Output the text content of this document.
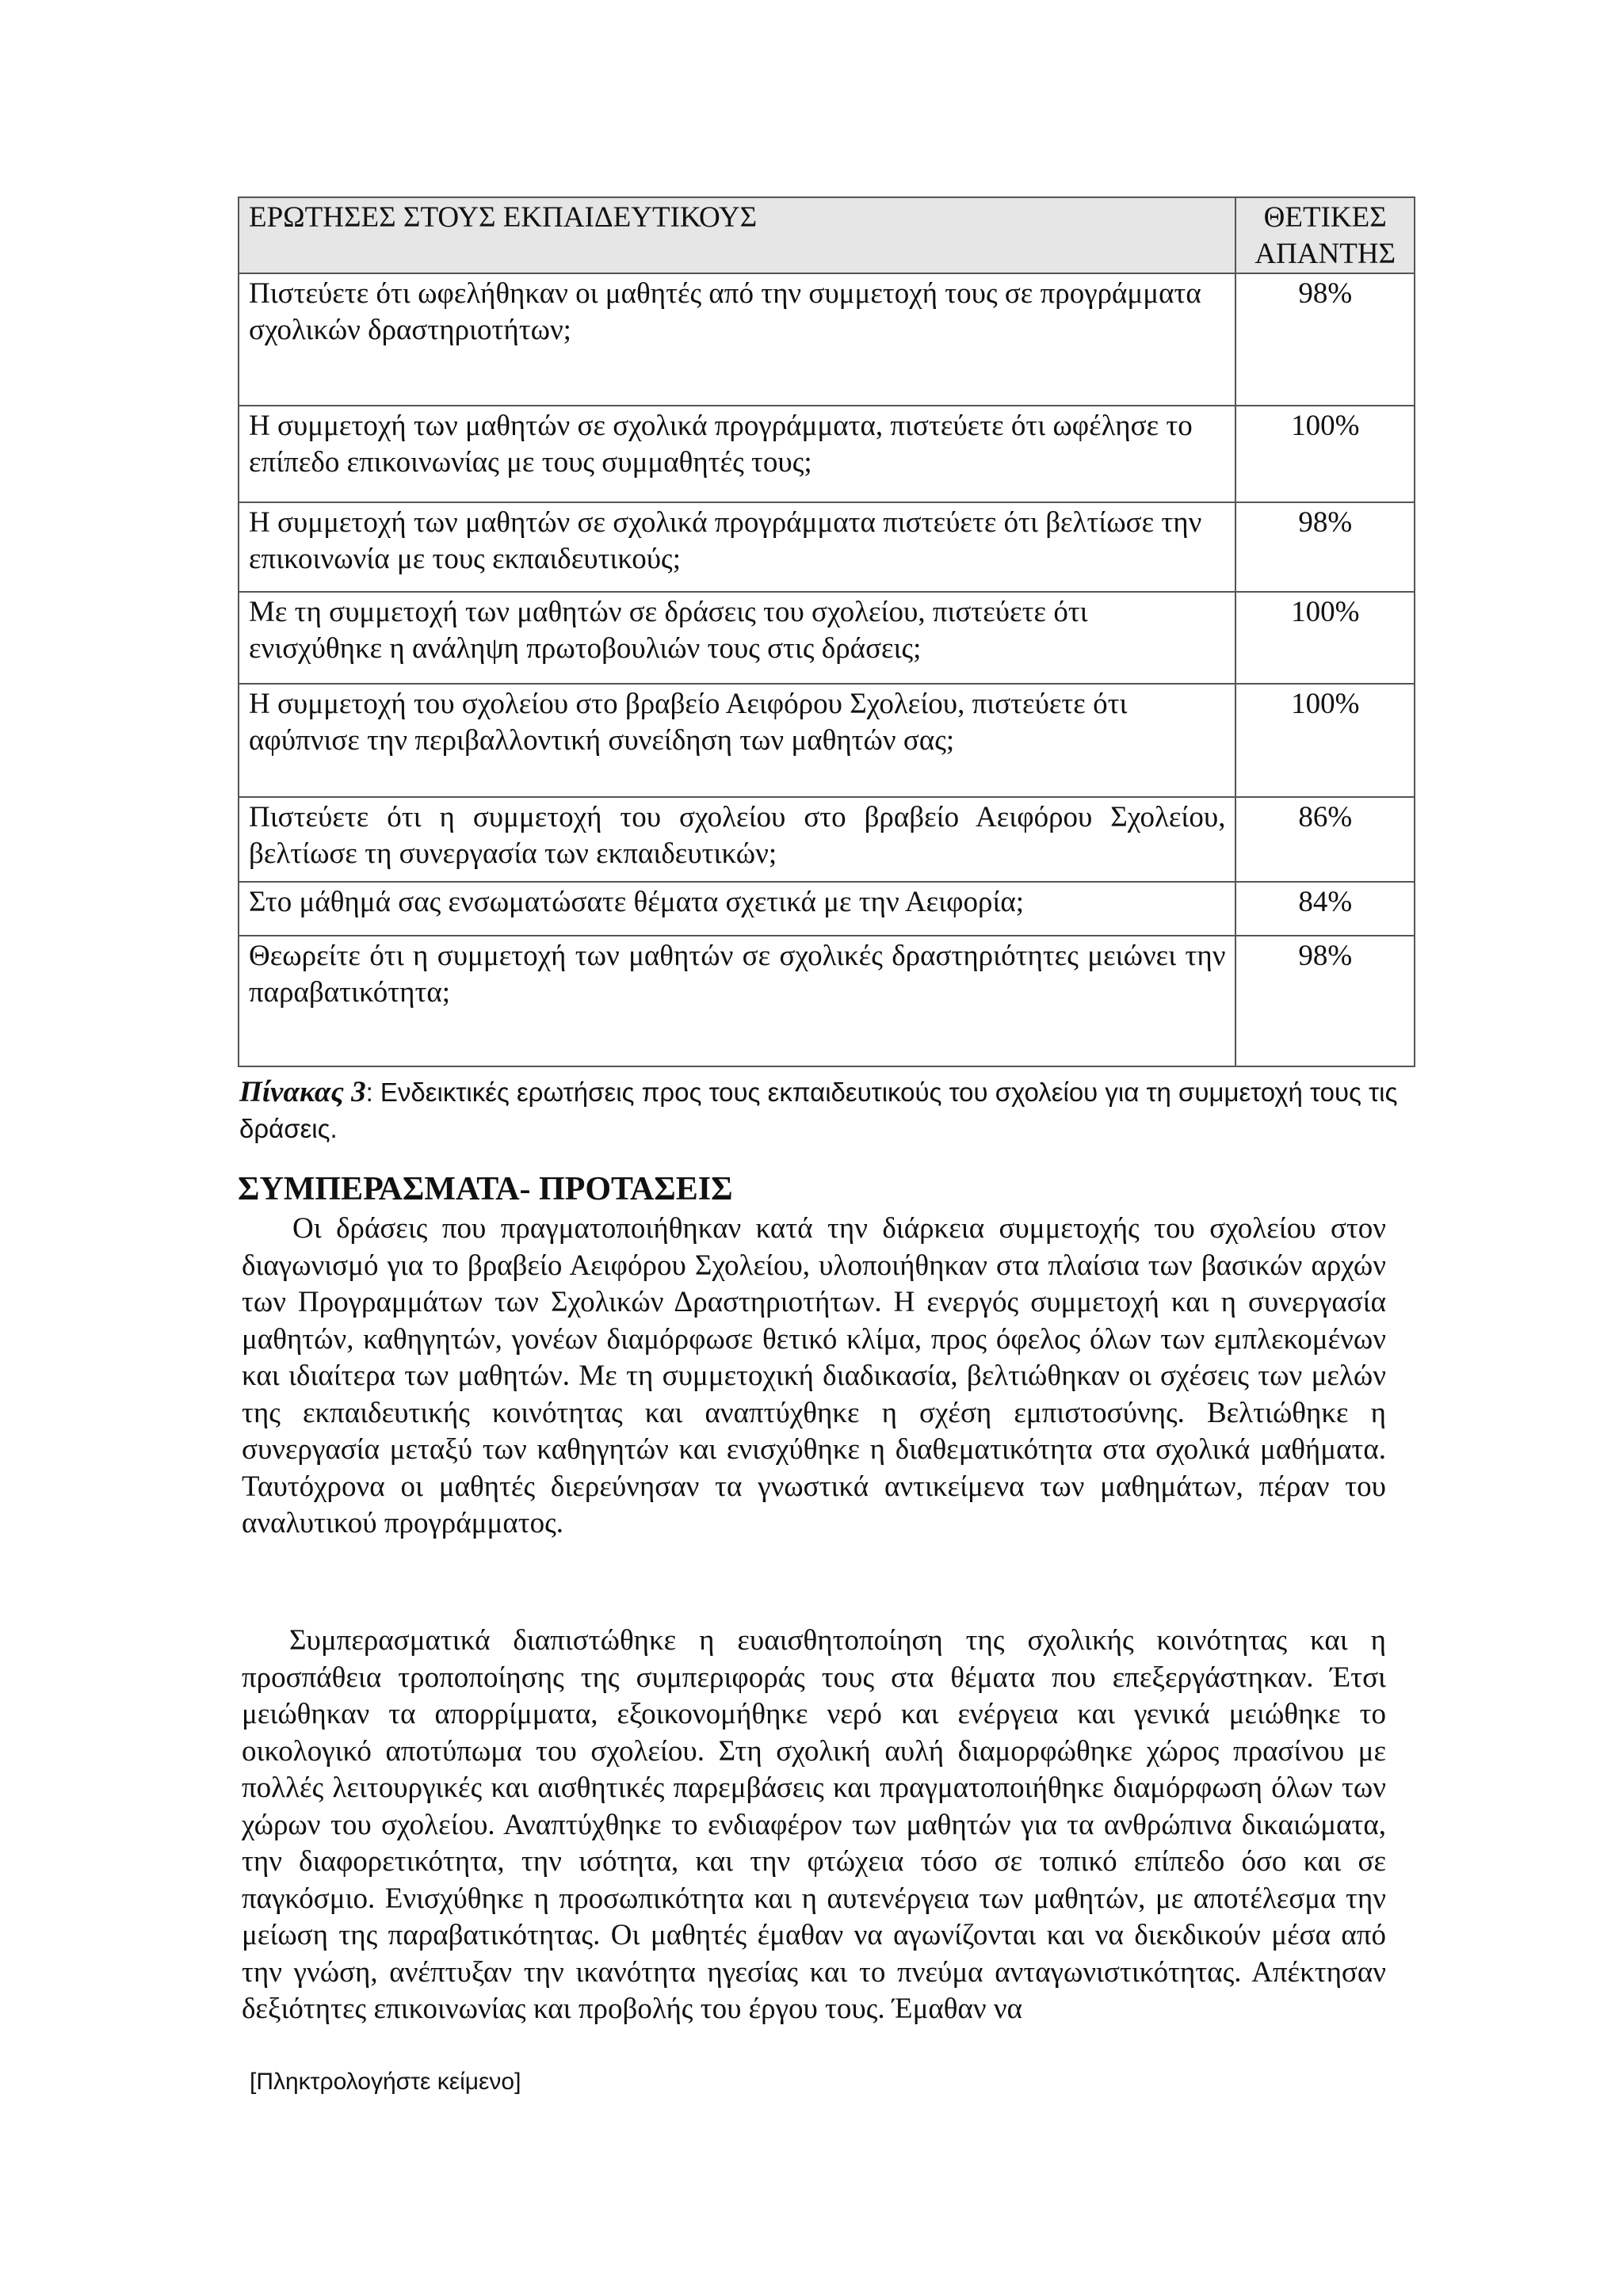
ΕΡΩΤΗΣΕΣ ΣΤΟΥΣ ΕΚΠΑΙΔΕΥΤΙΚΟΥΣ	ΘΕΤΙΚΕΣ
ΑΠΑΝΤΗΣ
Πιστεύετε ότι ωφελήθηκαν οι μαθητές από την συμμετοχή τους σε προγράμματα σχολικών δραστηριοτήτων;	98%
Η συμμετοχή των μαθητών σε σχολικά προγράμματα, πιστεύετε ότι ωφέλησε το επίπεδο επικοινωνίας με τους συμμαθητές τους;	100%
Η συμμετοχή των μαθητών σε σχολικά προγράμματα πιστεύετε ότι βελτίωσε την επικοινωνία με τους εκπαιδευτικούς;	98%
Με τη συμμετοχή των μαθητών σε δράσεις του σχολείου, πιστεύετε ότι ενισχύθηκε η ανάληψη πρωτοβουλιών τους στις δράσεις;	100%
Η συμμετοχή του σχολείου στο βραβείο Αειφόρου Σχολείου, πιστεύετε ότι αφύπνισε την περιβαλλοντική συνείδηση των μαθητών σας;	100%
Πιστεύετε ότι η συμμετοχή του σχολείου στο βραβείο Αειφόρου Σχολείου, βελτίωσε τη συνεργασία των εκπαιδευτικών;	86%
Στο μάθημά σας ενσωματώσατε θέματα σχετικά με την Αειφορία;	84%
Θεωρείτε ότι η συμμετοχή των μαθητών σε σχολικές δραστηριότητες μειώνει την παραβατικότητα;	98%
Πίνακας 3: Ενδεικτικές ερωτήσεις προς τους εκπαιδευτικούς του σχολείου για τη συμμετοχή τους τις δράσεις.
ΣΥΜΠΕΡΑΣΜΑΤΑ- ΠΡΟΤΑΣΕΙΣ

Οι δράσεις που πραγματοποιήθηκαν κατά την διάρκεια συμμετοχής του σχολείου στον διαγωνισμό για το βραβείο Αειφόρου Σχολείου, υλοποιήθηκαν στα πλαίσια των βασικών αρχών των Προγραμμάτων των Σχολικών Δραστηριοτήτων. Η ενεργός συμμετοχή και η συνεργασία μαθητών, καθηγητών, γονέων διαμόρφωσε θετικό κλίμα, προς όφελος όλων των εμπλεκομένων και ιδιαίτερα των μαθητών. Με τη συμμετοχική διαδικασία, βελτιώθηκαν οι σχέσεις των μελών της εκπαιδευτικής κοινότητας και αναπτύχθηκε η σχέση εμπιστοσύνης. Βελτιώθηκε η συνεργασία μεταξύ των καθηγητών και ενισχύθηκε η διαθεματικότητα στα σχολικά μαθήματα. Ταυτόχρονα οι μαθητές διερεύνησαν τα γνωστικά αντικείμενα των μαθημάτων, πέραν του αναλυτικού προγράμματος.

Συμπερασματικά διαπιστώθηκε η ευαισθητοποίηση της σχολικής κοινότητας και η προσπάθεια τροποποίησης της συμπεριφοράς τους στα θέματα που επεξεργάστηκαν. Έτσι μειώθηκαν τα απορρίμματα, εξοικονομήθηκε νερό και ενέργεια και γενικά μειώθηκε το οικολογικό αποτύπωμα του σχολείου. Στη σχολική αυλή διαμορφώθηκε χώρος πρασίνου με πολλές λειτουργικές και αισθητικές παρεμβάσεις και πραγματοποιήθηκε διαμόρφωση όλων των χώρων του σχολείου. Αναπτύχθηκε το ενδιαφέρον των μαθητών για τα ανθρώπινα δικαιώματα, την διαφορετικότητα, την ισότητα, και την φτώχεια τόσο σε τοπικό επίπεδο όσο και σε παγκόσμιο. Ενισχύθηκε η προσωπικότητα και η αυτενέργεια των μαθητών, με αποτέλεσμα την μείωση της παραβατικότητας. Οι μαθητές έμαθαν να αγωνίζονται και να διεκδικούν μέσα από την γνώση, ανέπτυξαν την ικανότητα ηγεσίας και το πνεύμα ανταγωνιστικότητας. Απέκτησαν δεξιότητες επικοινωνίας και προβολής του έργου τους. Έμαθαν να

[Πληκτρολογήστε κείμενο]
